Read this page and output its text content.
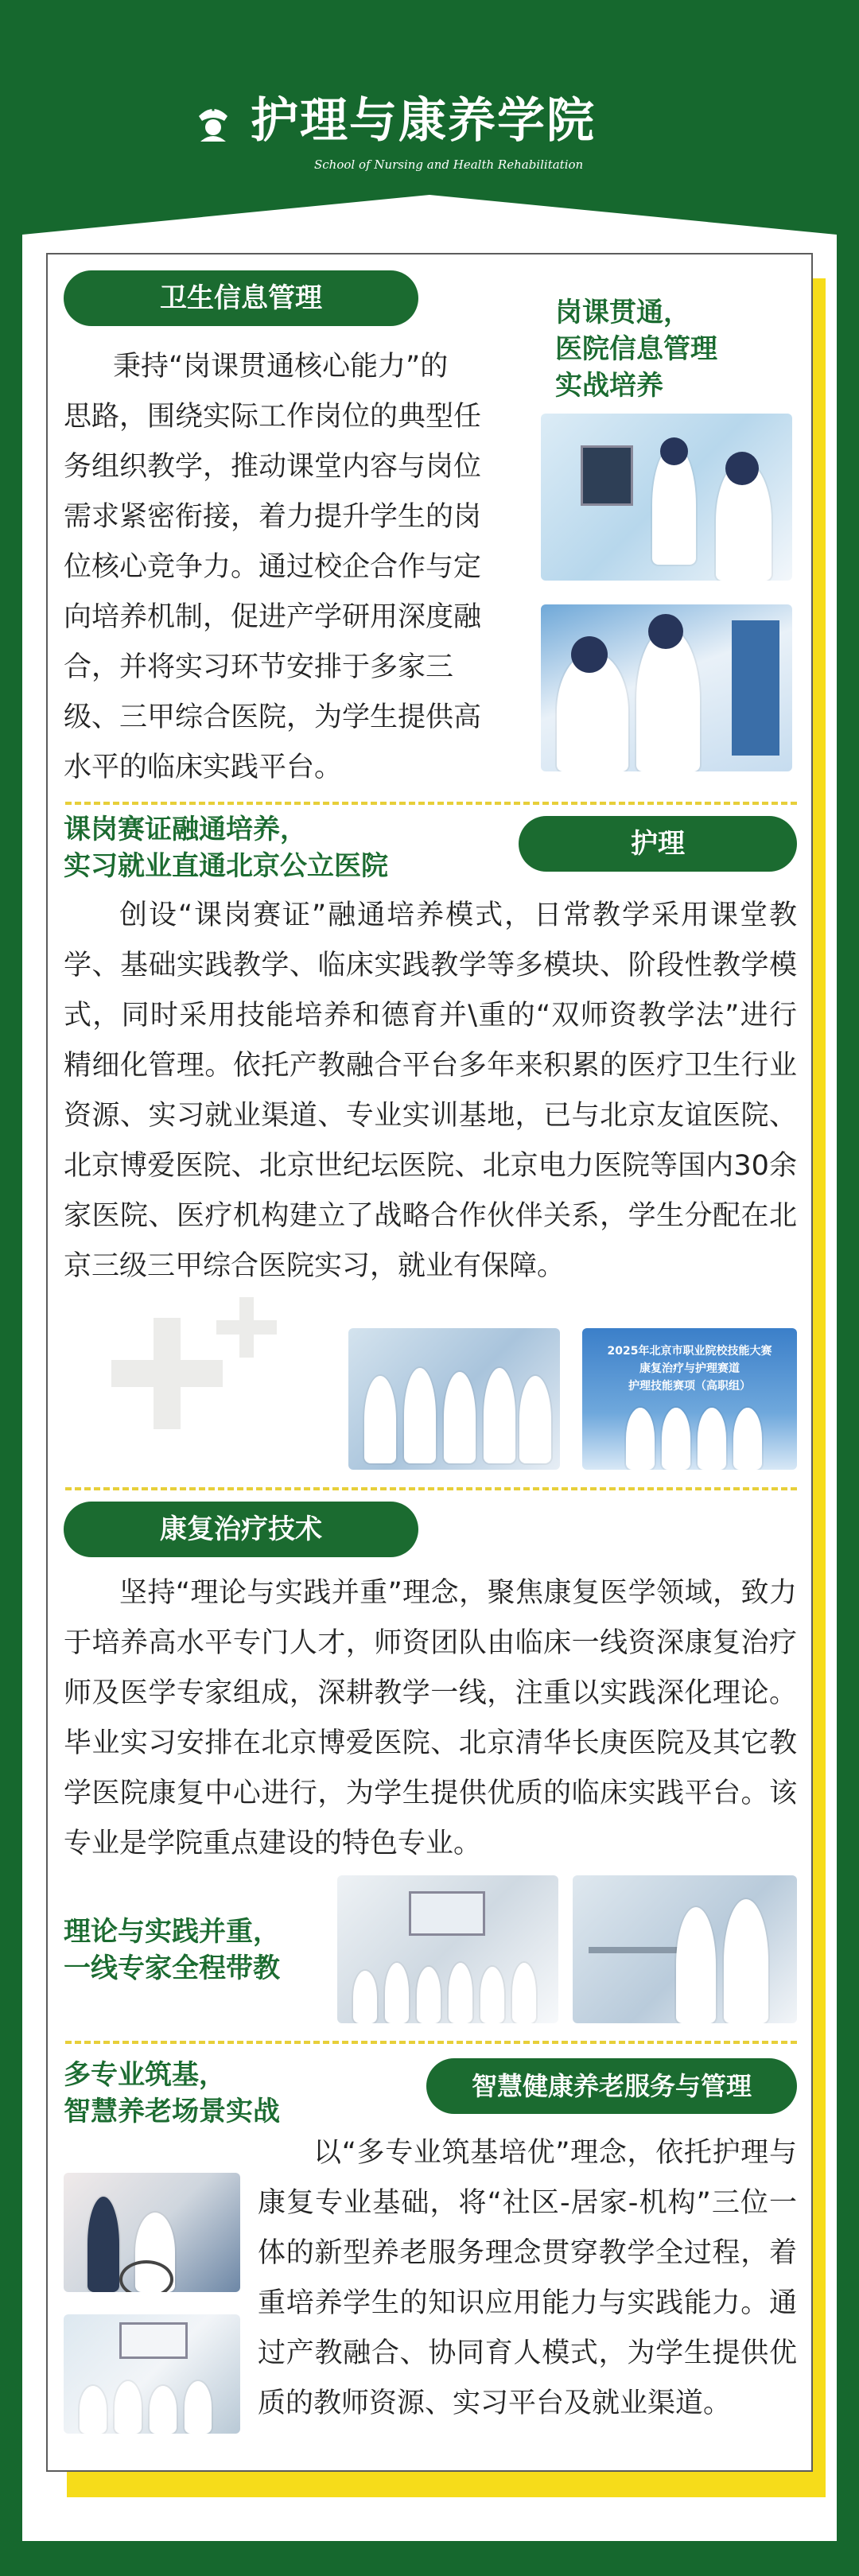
护理与康养学院
School of Nursing and Health Rehabilitation
卫生信息管理	岗课贯通，
医院信息管理
实战培养
秉持“岗课贯通核心能力”的
思路，围绕实际工作岗位的典型任
务组织教学，推动课堂内容与岗位
需求紧密衔接，着力提升学生的岗
位核心竞争力。通过校企合作与定
向培养机制，促进产学研用深度融
合，并将实习环节安排于多家三
级、三甲综合医院，为学生提供高
水平的临床实践平台。
课岗赛证融通培养，
实习就业直通北京公立医院
护理
创设“课岗赛证”融通培养模式，日常教学采用课堂教学、基础实践教学、临床实践教学等多模块、阶段性教学模式，同时采用技能培养和德育并\重的“双师资教学法”进行精细化管理。依托产教融合平台多年来积累的医疗卫生行业资源、实习就业渠道、专业实训基地，已与北京友谊医院、北京博爱医院、北京世纪坛医院、北京电力医院等国内30余家医院、医疗机构建立了战略合作伙伴关系，学生分配在北京三级三甲综合医院实习，就业有保障。
2025年北京市职业院校技能大赛
康复治疗与护理赛道
护理技能赛项（高职组）
康复治疗技术
坚持“理论与实践并重”理念，聚焦康复医学领域，致力于培养高水平专门人才，师资团队由临床一线资深康复治疗师及医学专家组成，深耕教学一线，注重以实践深化理论。毕业实习安排在北京博爱医院、北京清华长庚医院及其它教学医院康复中心进行，为学生提供优质的临床实践平台。该专业是学院重点建设的特色专业。
理论与实践并重，
一线专家全程带教
多专业筑基，
智慧养老场景实战
智慧健康养老服务与管理
以“多专业筑基培优”理念，依托护理与康复专业基础，将“社区-居家-机构”三位一体的新型养老服务理念贯穿教学全过程，着重培养学生的知识应用能力与实践能力。通过产教融合、协同育人模式，为学生提供优质的教师资源、实习平台及就业渠道。
